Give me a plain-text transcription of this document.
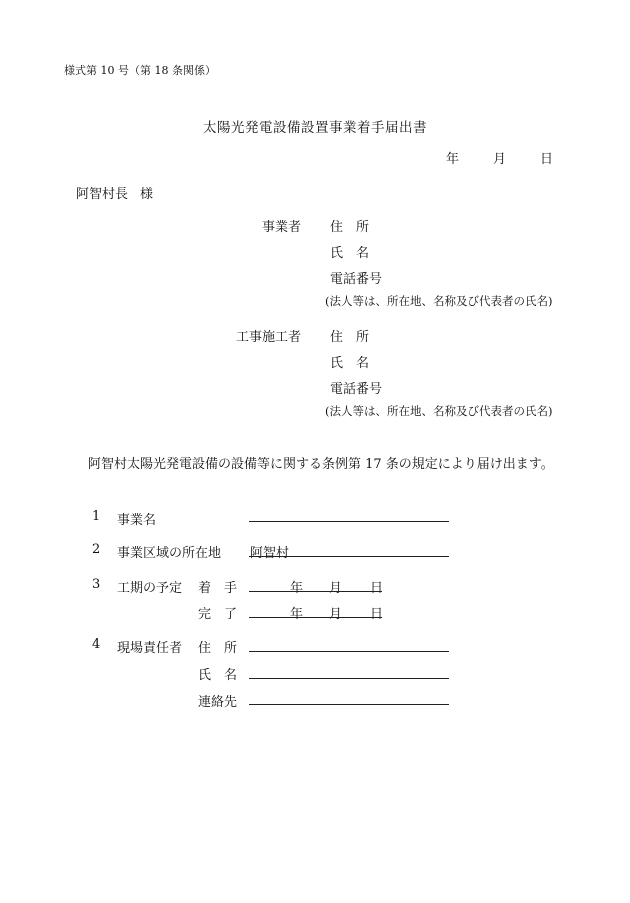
様式第 10 号（第 18 条関係）
太陽光発電設備設置事業着手届出書
年	月	日
阿智村長 様
事業者 住　所
氏　名
電話番号
(法人等は、所在地、名称及び代表者の氏名)
工事施工者 住　所
氏　名
電話番号
(法人等は、所在地、名称及び代表者の氏名)
阿智村太陽光発電設備の設備等に関する条例第 17 条の規定により届け出ます。
1 事業名
2 事業区域の所在地 阿智村
3 工期の予定 着　手	年 月 日
完　了	年 月 日
4 現場責任者 住　所
氏　名
連絡先
